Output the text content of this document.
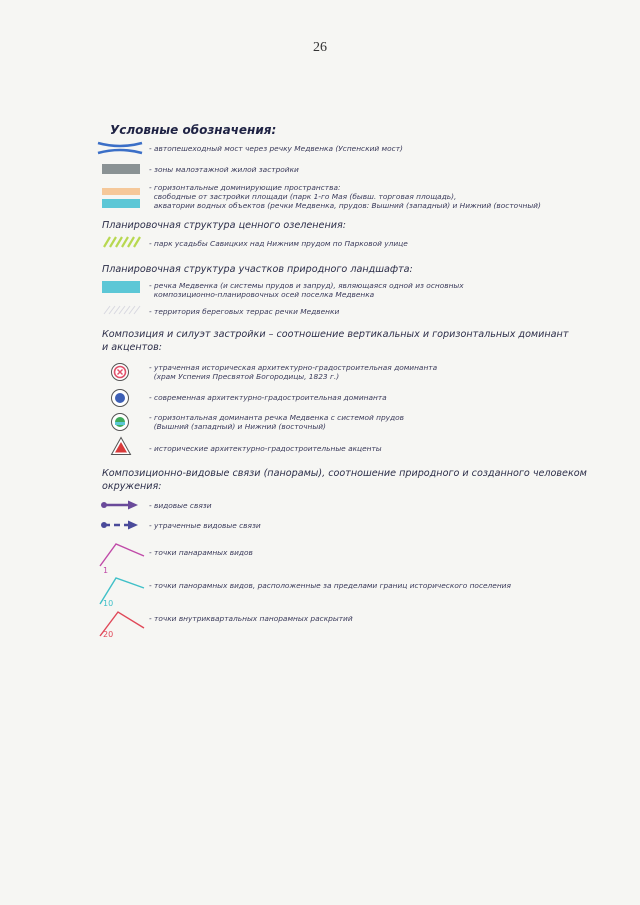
26
Условные обозначения:
- автопешеходный мост через речку Медвенка (Успенский мост)
- зоны малоэтажной жилой застройки
- горизонтальные доминирующие пространства:
свободные от застройки площади (парк 1-го Мая (бывш. торговая площадь),
акватории водных объектов (речки Медвенка, прудов: Вышний (западный) и Нижний (восточный)
Планировочная структура ценного озеленения:
- парк усадьбы Савицких над Нижним прудом по Парковой улице
Планировочная структура участков природного ландшафта:
- речка Медвенка (и системы прудов и запруд), являющаяся одной из основных
композиционно-планировочных осей поселка Медвенка
- территория береговых террас речки Медвенки
Композиция и силуэт застройки – соотношение вертикальных и горизонтальных доминант
и акцентов:
- утраченная историческая архитектурно-градостроительная доминанта
(храм Успения Пресвятой Богородицы, 1823 г.)
- современная архитектурно-градостроительная доминанта
- горизонтальная доминанта речка Медвенка с системой прудов
(Вышний (западный) и Нижний (восточный)
- исторические архитектурно-градостроительные акценты
Композиционно-видовые связи (панорамы), соотношение природного и созданного человеком
окружения:
- видовые связи
- утраченные видовые связи
1
- точки панарамных видов
10
- точки панорамных видов, расположенные за пределами границ исторического поселения
20
- точки внутриквартальных панорамных раскрытий
